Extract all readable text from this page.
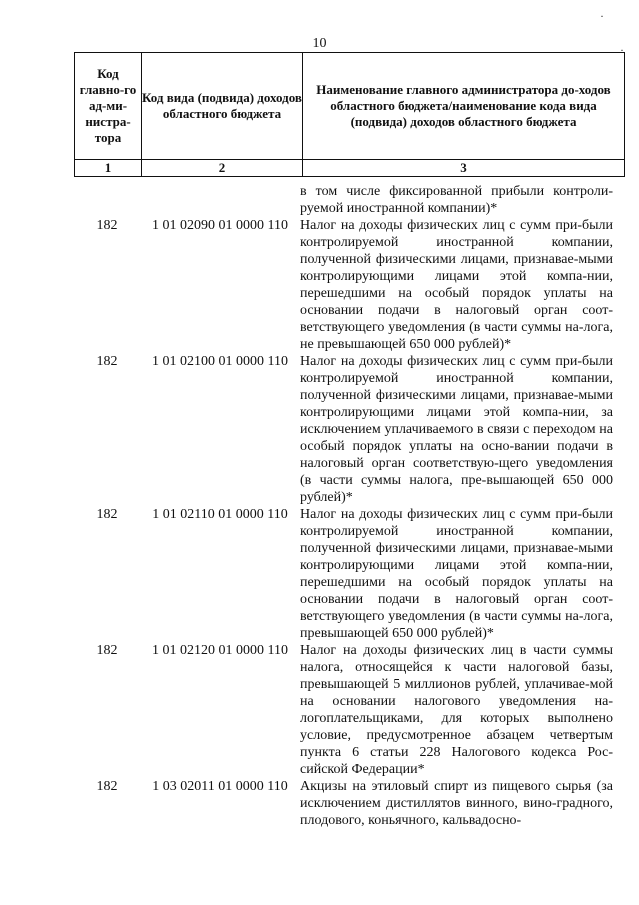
·
·
10
Код главно-го ад-ми-нистра-тора	Код вида (подвида) доходов областного бюджета	Наименование главного администратора до-ходов областного бюджета/наименование кода вида (подвида) доходов областного бюджета
1	2	3
в том числе фиксированной прибыли контроли-руемой иностранной компании)*
182	1 01 02090 01 0000 110 Налог на доходы физических лиц с сумм при-были контролируемой иностранной компании, полученной физическими лицами, признавае-мыми контролирующими лицами этой компа-нии, перешедшими на особый порядок уплаты на основании подачи в налоговый орган соот-ветствующего уведомления (в части суммы на-лога, не превышающей 650 000 рублей)*
182	1 01 02100 01 0000 110 Налог на доходы физических лиц с сумм при-были контролируемой иностранной компании, полученной физическими лицами, признавае-мыми контролирующими лицами этой компа-нии, за исключением уплачиваемого в связи с переходом на особый порядок уплаты на осно-вании подачи в налоговый орган соответствую-щего уведомления (в части суммы налога, пре-вышающей 650 000 рублей)*
182	1 01 02110 01 0000 110 Налог на доходы физических лиц с сумм при-были контролируемой иностранной компании, полученной физическими лицами, признавае-мыми контролирующими лицами этой компа-нии, перешедшими на особый порядок уплаты на основании подачи в налоговый орган соот-ветствующего уведомления (в части суммы на-лога, превышающей 650 000 рублей)*
182	1 01 02120 01 0000 110 Налог на доходы физических лиц в части суммы налога, относящейся к части налоговой базы, превышающей 5 миллионов рублей, уплачивае-мой на основании налогового уведомления на-логоплательщиками, для которых выполнено условие, предусмотренное абзацем четвертым пункта 6 статьи 228 Налогового кодекса Рос-сийской Федерации*
182	1 03 02011 01 0000 110 Акцизы на этиловый спирт из пищевого сырья (за исключением дистиллятов винного, вино-градного, плодового, коньячного, кальвадосно-
